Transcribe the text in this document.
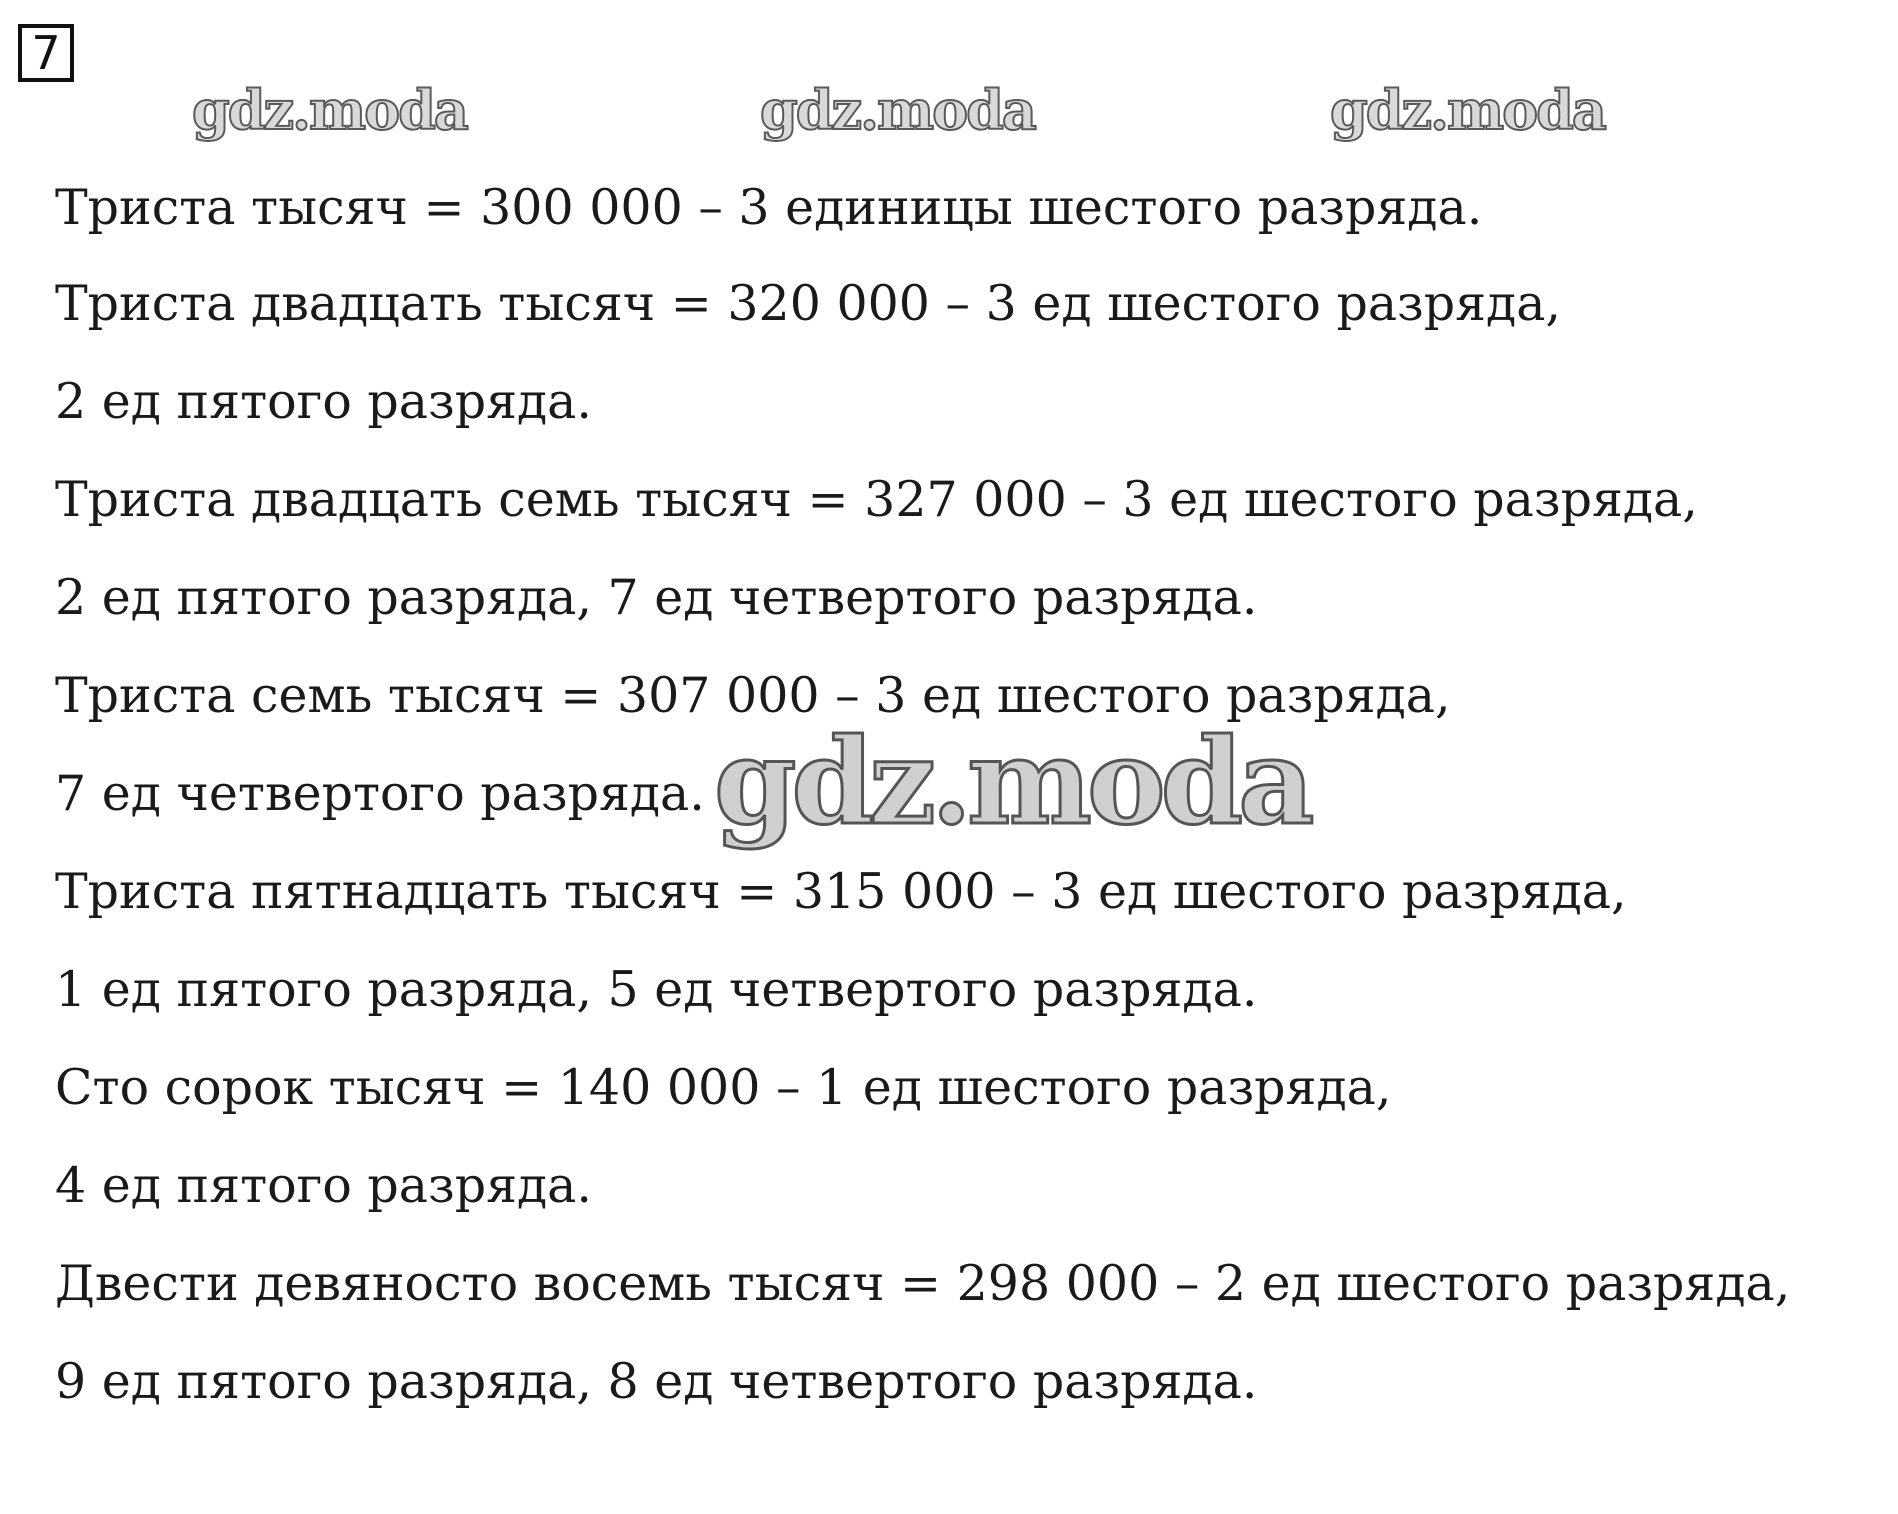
7
Триста тысяч = 300 000 – 3 единицы шестого разряда.
Триста двадцать тысяч = 320 000 – 3 ед шестого разряда,
2 ед пятого разряда.
Триста двадцать семь тысяч = 327 000 – 3 ед шестого разряда,
2 ед пятого разряда, 7 ед четвертого разряда.
Триста семь тысяч = 307 000 – 3 ед шестого разряда,
7 ед четвертого разряда.
Триста пятнадцать тысяч = 315 000 – 3 ед шестого разряда,
1 ед пятого разряда, 5 ед четвертого разряда.
Сто сорок тысяч = 140 000 – 1 ед шестого разряда,
4 ед пятого разряда.
Двести девяносто восемь тысяч = 298 000 – 2 ед шестого разряда,
9 ед пятого разряда, 8 ед четвертого разряда.
gdz.moda	gdz.moda	gdz.moda
gdz.moda
